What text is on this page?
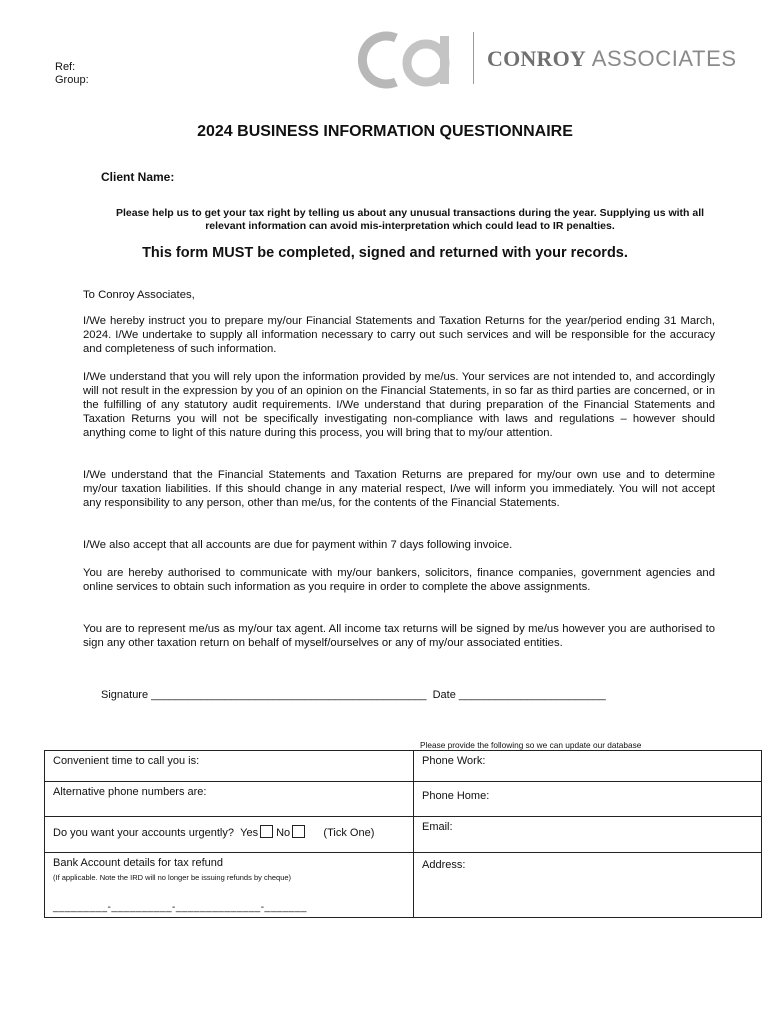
Ref:
Group:
CONROY ASSOCIATES
2024 BUSINESS INFORMATION QUESTIONNAIRE
Client Name:
Please help us to get your tax right by telling us about any unusual transactions during the year. Supplying us with all relevant information can avoid mis-interpretation which could lead to IR penalties.
This form MUST be completed, signed and returned with your records.
To Conroy Associates,
I/We hereby instruct you to prepare my/our Financial Statements and Taxation Returns for the year/period ending 31 March, 2024. I/We undertake to supply all information necessary to carry out such services and will be responsible for the accuracy and completeness of such information.
I/We understand that you will rely upon the information provided by me/us. Your services are not intended to, and accordingly will not result in the expression by you of an opinion on the Financial Statements, in so far as third parties are concerned, or in the fulfilling of any statutory audit requirements. I/We understand that during preparation of the Financial Statements and Taxation Returns you will not be specifically investigating non-compliance with laws and regulations – however should anything come to light of this nature during this process, you will bring that to my/our attention.
I/We understand that the Financial Statements and Taxation Returns are prepared for my/our own use and to determine my/our taxation liabilities. If this should change in any material respect, I/we will inform you immediately. You will not accept any responsibility to any person, other than me/us, for the contents of the Financial Statements.
I/We also accept that all accounts are due for payment within 7 days following invoice.
You are hereby authorised to communicate with my/our bankers, solicitors, finance companies, government agencies and online services to obtain such information as you require in order to complete the above assignments.
You are to represent me/us as my/our tax agent. All income tax returns will be signed by me/us however you are authorised to sign any other taxation return on behalf of myself/ourselves or any of my/our associated entities.
Signature _____________________________________________ Date ________________________
Please provide the following so we can update our database
Convenient time to call you is:	Phone Work:
Alternative phone numbers are:	Phone Home:
Do you want your accounts urgently? Yes No (Tick One)	Email:

Bank Account details for tax refund
(If applicable. Note the IRD will no longer be issuing refunds by cheque)
_________-__________-______________-_______	Address:
